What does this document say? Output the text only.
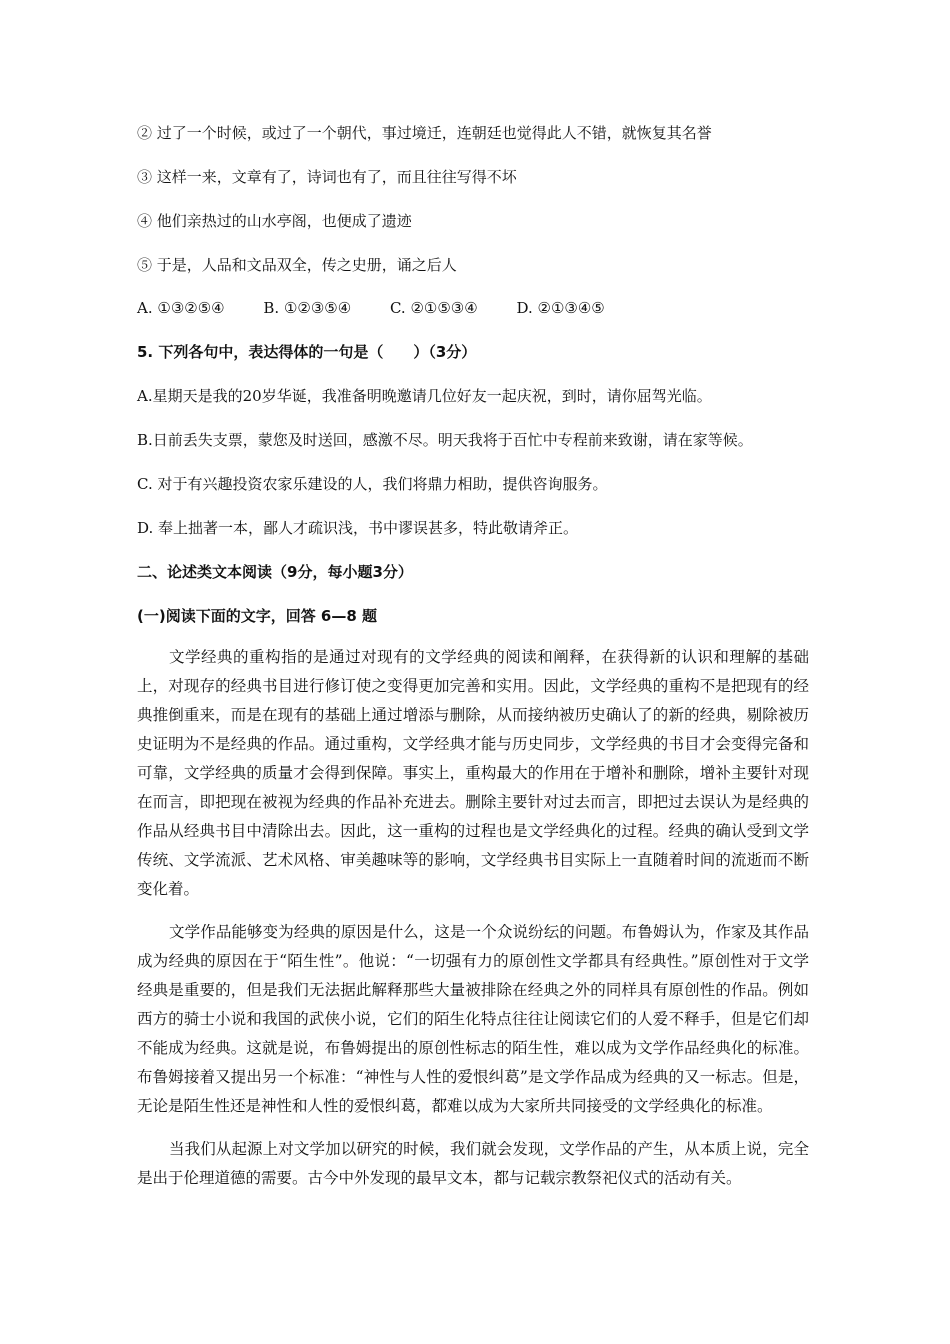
② 过了一个时候，或过了一个朝代，事过境迁，连朝廷也觉得此人不错，就恢复其名誉
③ 这样一来，文章有了，诗词也有了，而且往往写得不坏
④ 他们亲热过的山水亭阁，也便成了遗迹
⑤ 于是，人品和文品双全，传之史册，诵之后人
A. ①③②⑤④	B. ①②③⑤④	C. ②①⑤③④	D. ②①③④⑤
5. 下列各句中，表达得体的一句是（　　）（3分）
A.星期天是我的20岁华诞，我准备明晚邀请几位好友一起庆祝，到时，请你屈驾光临。
B.日前丢失支票，蒙您及时送回，感激不尽。明天我将于百忙中专程前来致谢，请在家等候。
C. 对于有兴趣投资农家乐建设的人，我们将鼎力相助，提供咨询服务。
D. 奉上拙著一本，鄙人才疏识浅，书中谬误甚多，特此敬请斧正。
二、论述类文本阅读（9分，每小题3分）
(一)阅读下面的文字，回答 6—8 题

文学经典的重构指的是通过对现有的文学经典的阅读和阐释，在获得新的认识和理解的基础上，对现存的经典书目进行修订使之变得更加完善和实用。因此，文学经典的重构不是把现有的经典推倒重来，而是在现有的基础上通过增添与删除，从而接纳被历史确认了的新的经典，剔除被历史证明为不是经典的作品。通过重构，文学经典才能与历史同步，文学经典的书目才会变得完备和可靠，文学经典的质量才会得到保障。事实上，重构最大的作用在于增补和删除，增补主要针对现在而言，即把现在被视为经典的作品补充进去。删除主要针对过去而言，即把过去误认为是经典的作品从经典书目中清除出去。因此，这一重构的过程也是文学经典化的过程。经典的确认受到文学传统、文学流派、艺术风格、审美趣味等的影响，文学经典书目实际上一直随着时间的流逝而不断变化着。

文学作品能够变为经典的原因是什么，这是一个众说纷纭的问题。布鲁姆认为，作家及其作品成为经典的原因在于“陌生性”。他说：“一切强有力的原创性文学都具有经典性。”原创性对于文学经典是重要的，但是我们无法据此解释那些大量被排除在经典之外的同样具有原创性的作品。例如西方的骑士小说和我国的武侠小说，它们的陌生化特点往往让阅读它们的人爱不释手，但是它们却不能成为经典。这就是说，布鲁姆提出的原创性标志的陌生性，难以成为文学作品经典化的标准。布鲁姆接着又提出另一个标准：“神性与人性的爱恨纠葛”是文学作品成为经典的又一标志。但是，无论是陌生性还是神性和人性的爱恨纠葛，都难以成为大家所共同接受的文学经典化的标准。

当我们从起源上对文学加以研究的时候，我们就会发现，文学作品的产生，从本质上说，完全是出于伦理道德的需要。古今中外发现的最早文本，都与记载宗教祭祀仪式的活动有关。
